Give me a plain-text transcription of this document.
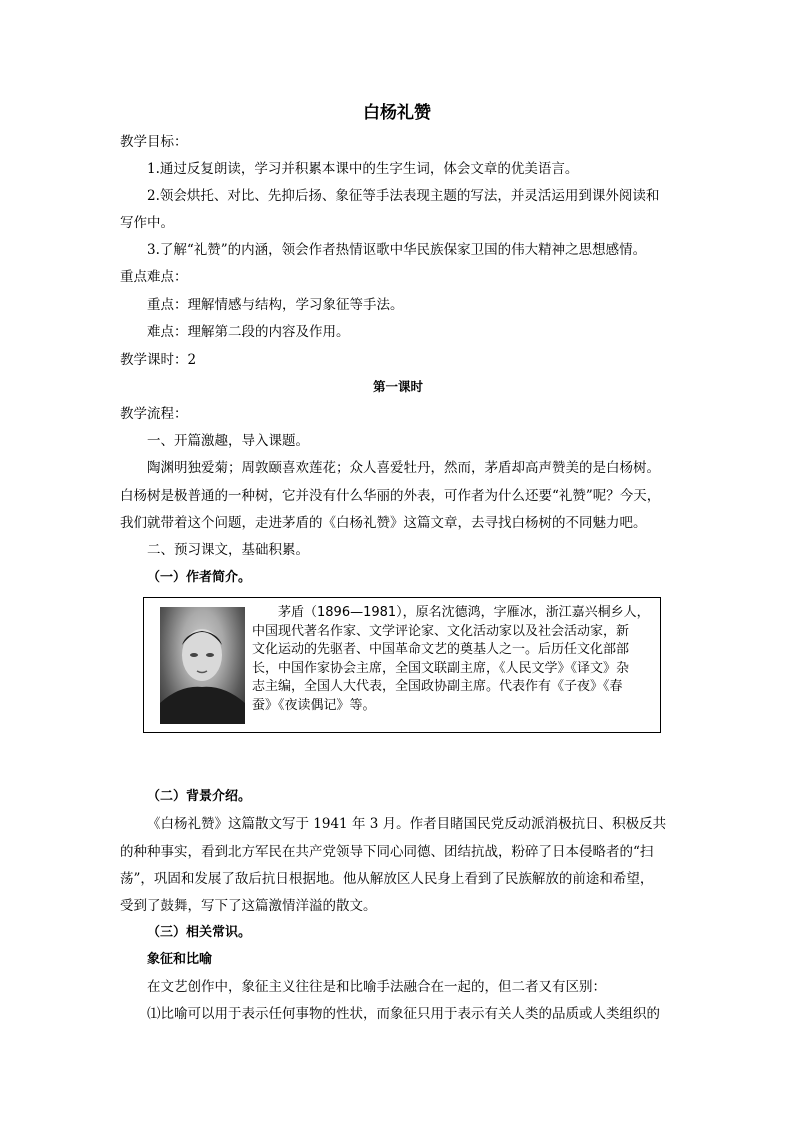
白杨礼赞
教学目标：
1.通过反复朗读，学习并积累本课中的生字生词，体会文章的优美语言。
2.领会烘托、对比、先抑后扬、象征等手法表现主题的写法，并灵活运用到课外阅读和
写作中。
3.了解“礼赞”的内涵，领会作者热情讴歌中华民族保家卫国的伟大精神之思想感情。
重点难点：
重点：理解情感与结构，学习象征等手法。
难点：理解第二段的内容及作用。
教学课时：2
第一课时
教学流程：
一、开篇激趣，导入课题。
陶渊明独爱菊；周敦颐喜欢莲花；众人喜爱牡丹，然而，茅盾却高声赞美的是白杨树。
白杨树是极普通的一种树，它并没有什么华丽的外表，可作者为什么还要“礼赞”呢？今天，
我们就带着这个问题，走进茅盾的《白杨礼赞》这篇文章，去寻找白杨树的不同魅力吧。
二、预习课文，基础积累。
（一）作者简介。
茅盾（1896—1981），原名沈德鸿，字雁冰，浙江嘉兴桐乡人，
中国现代著名作家、文学评论家、文化活动家以及社会活动家，新
文化运动的先驱者、中国革命文艺的奠基人之一。后历任文化部部
长，中国作家协会主席，全国文联副主席，《人民文学》《译文》杂
志主编，全国人大代表，全国政协副主席。代表作有《子夜》《春
蚕》《夜读偶记》等。
（二）背景介绍。
《白杨礼赞》这篇散文写于 1941 年 3 月。作者目睹国民党反动派消极抗日、积极反共
的种种事实，看到北方军民在共产党领导下同心同德、团结抗战，粉碎了日本侵略者的“扫
荡”，巩固和发展了敌后抗日根据地。他从解放区人民身上看到了民族解放的前途和希望，
受到了鼓舞，写下了这篇激情洋溢的散文。
（三）相关常识。
象征和比喻
在文艺创作中，象征主义往往是和比喻手法融合在一起的，但二者又有区别：
⑴比喻可以用于表示任何事物的性状，而象征只用于表示有关人类的品质或人类组织的
